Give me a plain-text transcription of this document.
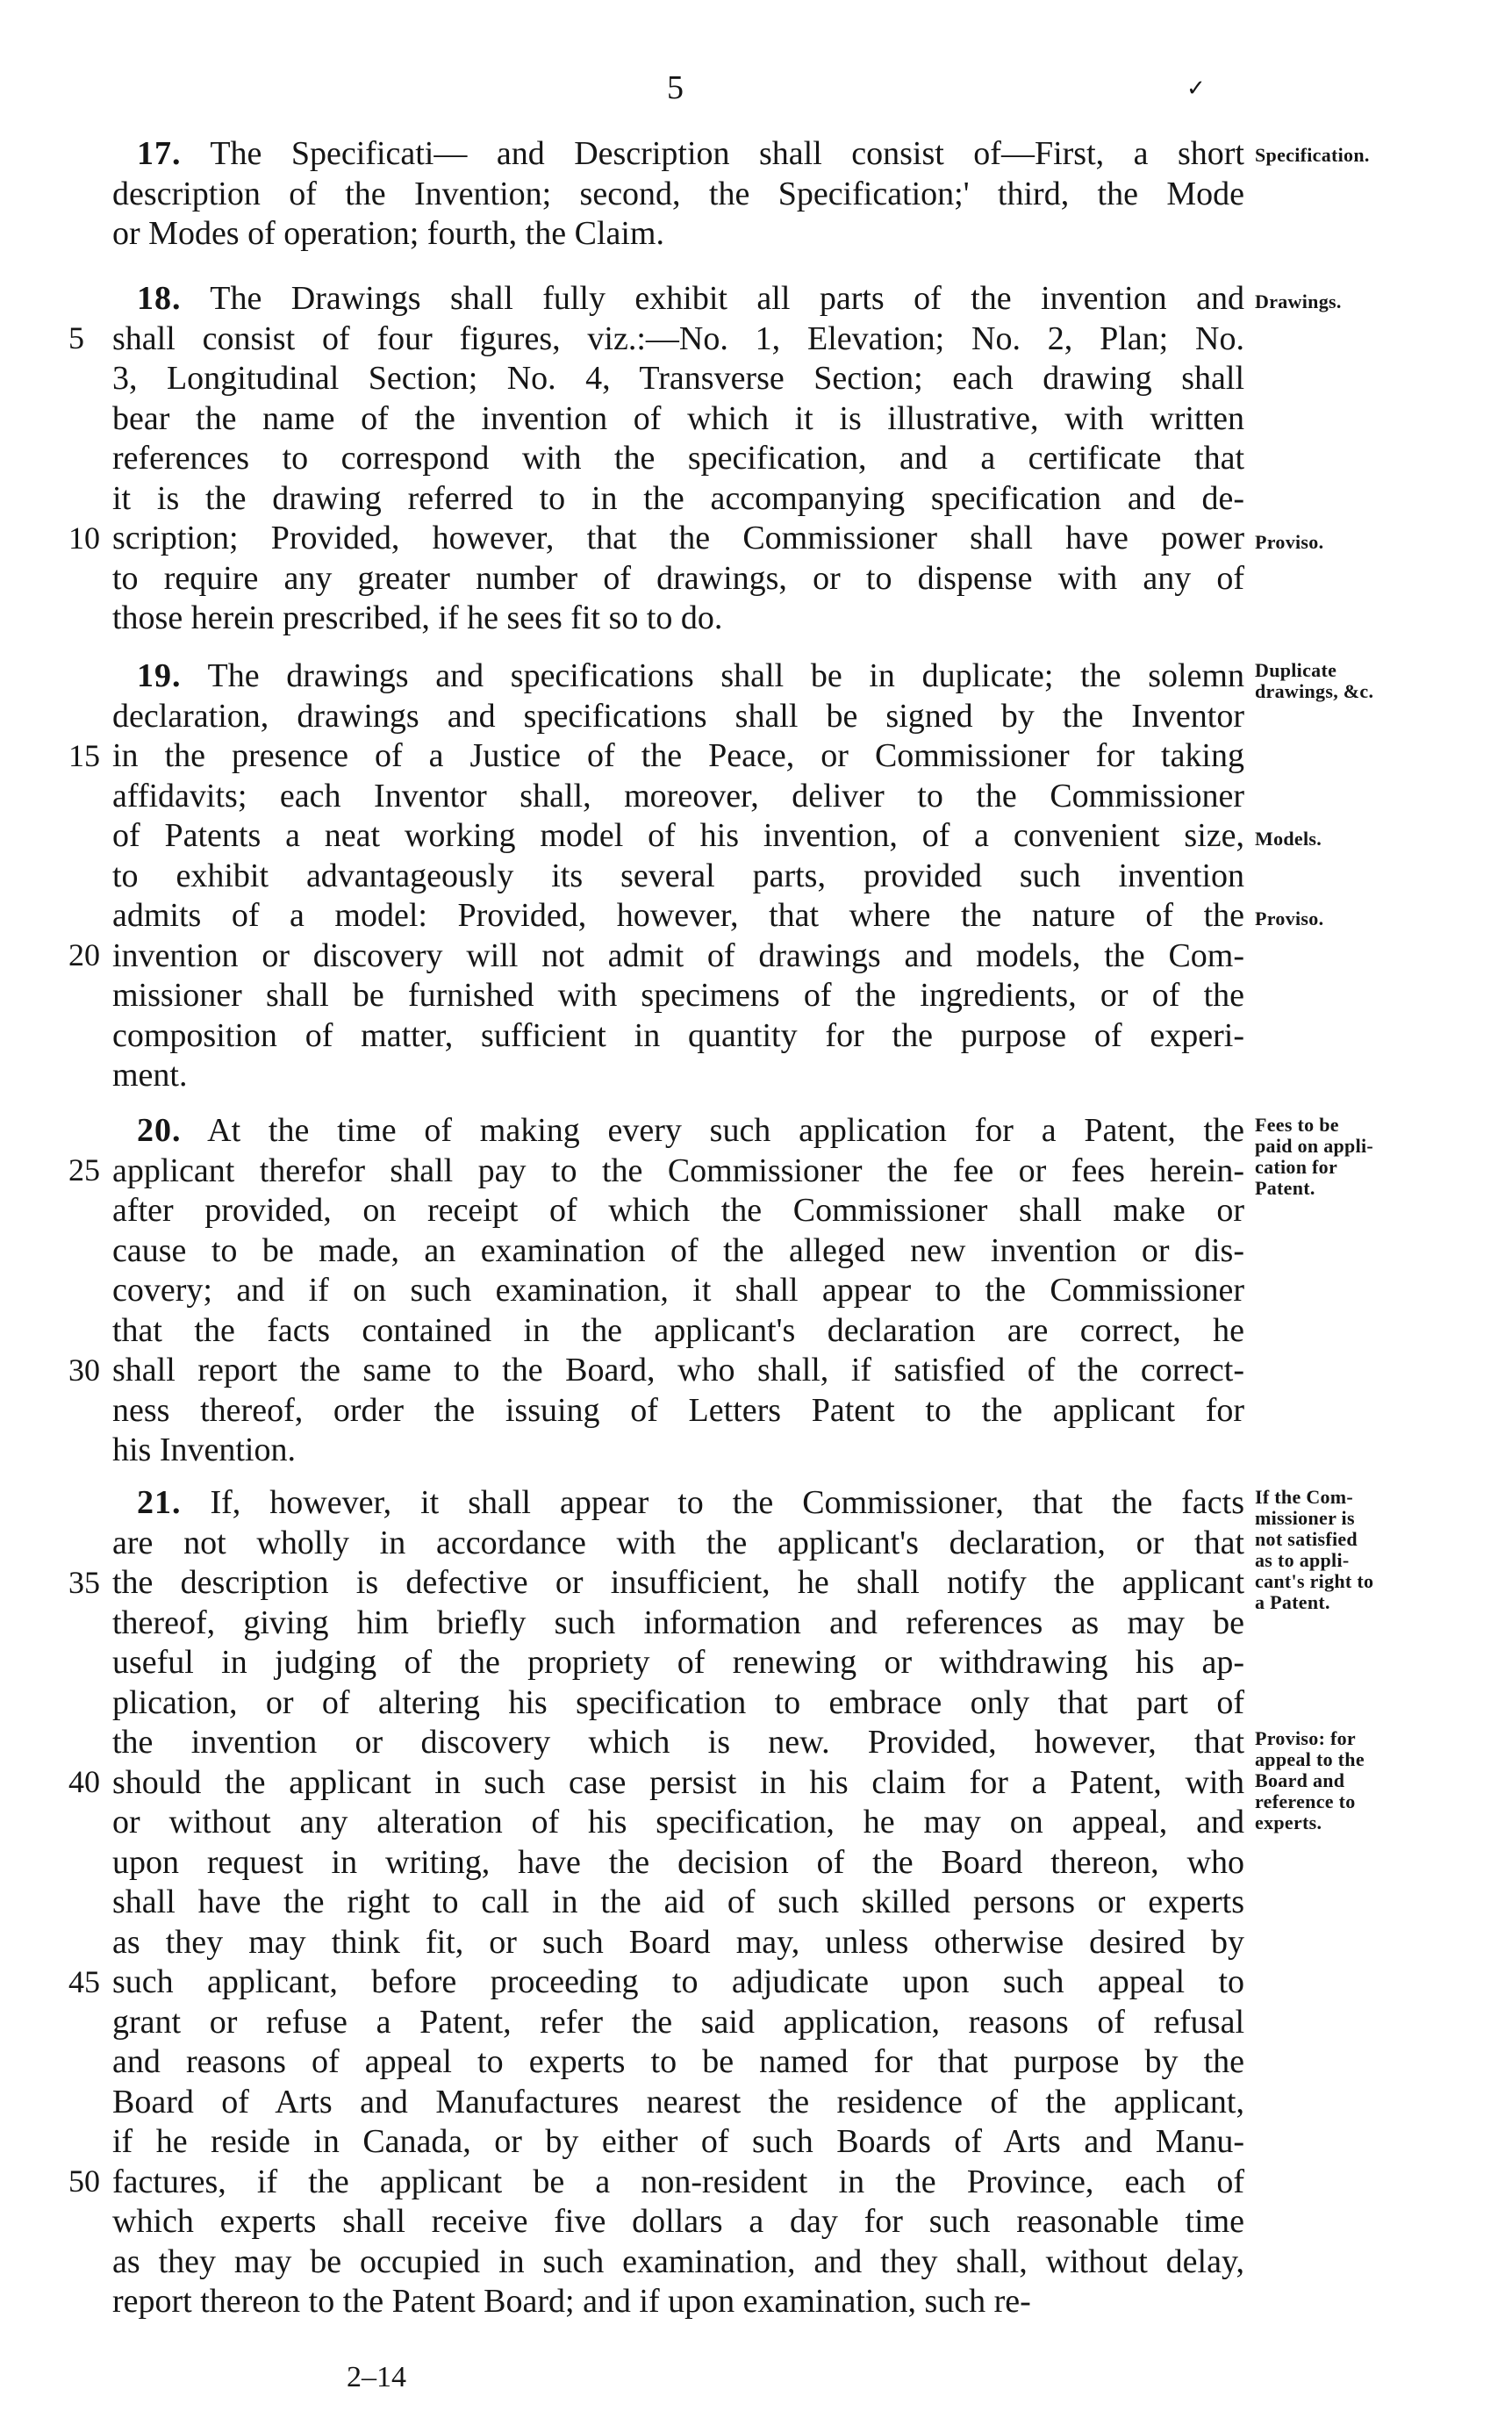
5	✓
17. The Specificati— and Description shall consist of—First, a short
description of the Invention; second, the Specification;' third, the Mode
or Modes of operation; fourth, the Claim.
18. The Drawings shall fully exhibit all parts of the invention and
shall consist of four figures, viz.:—No. 1, Elevation; No. 2, Plan; No.
3, Longitudinal Section; No. 4, Transverse Section; each drawing shall
bear the name of the invention of which it is illustrative, with written
references to correspond with the specification, and a certificate that
it is the drawing referred to in the accompanying specification and de-
scription; Provided, however, that the Commissioner shall have power
to require any greater number of drawings, or to dispense with any of
those herein prescribed, if he sees fit so to do.
19. The drawings and specifications shall be in duplicate; the solemn
declaration, drawings and specifications shall be signed by the Inventor
in the presence of a Justice of the Peace, or Commissioner for taking
affidavits; each Inventor shall, moreover, deliver to the Commissioner
of Patents a neat working model of his invention, of a convenient size,
to exhibit advantageously its several parts, provided such invention
admits of a model: Provided, however, that where the nature of the
invention or discovery will not admit of drawings and models, the Com-
missioner shall be furnished with specimens of the ingredients, or of the
composition of matter, sufficient in quantity for the purpose of experi-
ment.
20. At the time of making every such application for a Patent, the
applicant therefor shall pay to the Commissioner the fee or fees herein-
after provided, on receipt of which the Commissioner shall make or
cause to be made, an examination of the alleged new invention or dis-
covery; and if on such examination, it shall appear to the Commissioner
that the facts contained in the applicant's declaration are correct, he
shall report the same to the Board, who shall, if satisfied of the correct-
ness thereof, order the issuing of Letters Patent to the applicant for
his Invention.
21. If, however, it shall appear to the Commissioner, that the facts
are not wholly in accordance with the applicant's declaration, or that
the description is defective or insufficient, he shall notify the applicant
thereof, giving him briefly such information and references as may be
useful in judging of the propriety of renewing or withdrawing his ap-
plication, or of altering his specification to embrace only that part of
the invention or discovery which is new. Provided, however, that
should the applicant in such case persist in his claim for a Patent, with
or without any alteration of his specification, he may on appeal, and
upon request in writing, have the decision of the Board thereon, who
shall have the right to call in the aid of such skilled persons or experts
as they may think fit, or such Board may, unless otherwise desired by
such applicant, before proceeding to adjudicate upon such appeal to
grant or refuse a Patent, refer the said application, reasons of refusal
and reasons of appeal to experts to be named for that purpose by the
Board of Arts and Manufactures nearest the residence of the applicant,
if he reside in Canada, or by either of such Boards of Arts and Manu-
factures, if the applicant be a non-resident in the Province, each of
which experts shall receive five dollars a day for such reasonable time
as they may be occupied in such examination, and they shall, without delay,
report thereon to the Patent Board; and if upon examination, such re-
5
10
15
20
25
30
35
40
45
50
Specification.
Drawings.
Proviso.
Duplicate
drawings, &c.
Models.
Proviso.
Fees to be
paid on appli-
cation for
Patent.
If the Com-
missioner is
not satisfied
as to appli-
cant's right to
a Patent.
Proviso: for
appeal to the
Board and
reference to
experts.
2–14
